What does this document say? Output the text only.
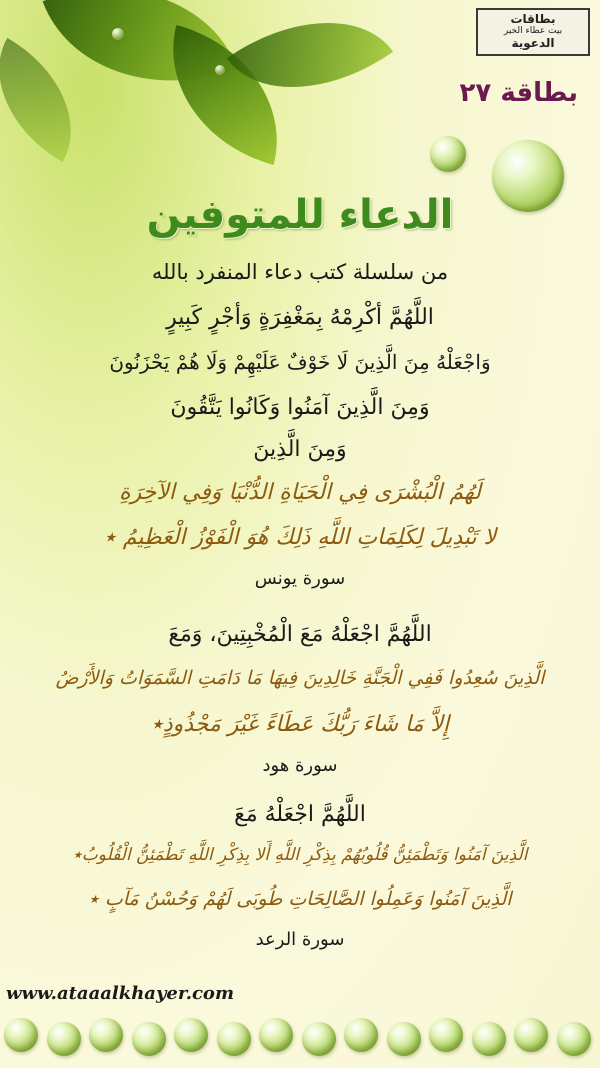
بطاقات
بيت عطاء الخير
الدعوية
بطاقة ٢٧
الدعاء للمتوفين
من سلسلة كتب دعاء المنفرد بالله
اللَّهُمَّ أكْرِمْهُ بِمَغْفِرَةٍ وَأجْرٍ كَبِيرٍ
وَاجْعَلْهُ مِنَ الَّذِينَ لَا خَوْفٌ عَلَيْهِمْ وَلَا هُمْ يَحْزَنُونَ
وَمِنَ الَّذِينَ آمَنُوا وَكَانُوا يَتَّقُونَ
وَمِنَ الَّذِينَ
لَهُمُ الْبُشْرَى فِي الْحَيَاةِ الدُّنْيَا وَفِي الآخِرَةِ
لا تَبْدِيلَ لِكَلِمَاتِ اللَّهِ ذَلِكَ هُوَ الْفَوْزُ الْعَظِيمُ ٭
سورة يونس
اللَّهُمَّ اجْعَلْهُ مَعَ الْمُخْبِتِينَ، وَمَعَ
الَّذِينَ سُعِدُوا فَفِي الْجَنَّةِ خَالِدِينَ فِيهَا مَا دَامَتِ السَّمَوَاتُ وَالأَرْضُ
إِلاَّ مَا شَاءَ رَبُّكَ عَطَاءً غَيْرَ مَجْذُوذٍ٭
سورة هود
اللَّهُمَّ اجْعَلْهُ مَعَ
الَّذِينَ آمَنُوا وَتَطْمَئِنُّ قُلُوبُهُمْ بِذِكْرِ اللَّهِ أَلا بِذِكْرِ اللَّهِ تَطْمَئِنُّ الْقُلُوبُ٭
الَّذِينَ آمَنُوا وَعَمِلُوا الصَّالِحَاتِ طُوبَى لَهُمْ وَحُسْنُ مَآبٍ ٭
سورة الرعد
www.ataaalkhayer.com
